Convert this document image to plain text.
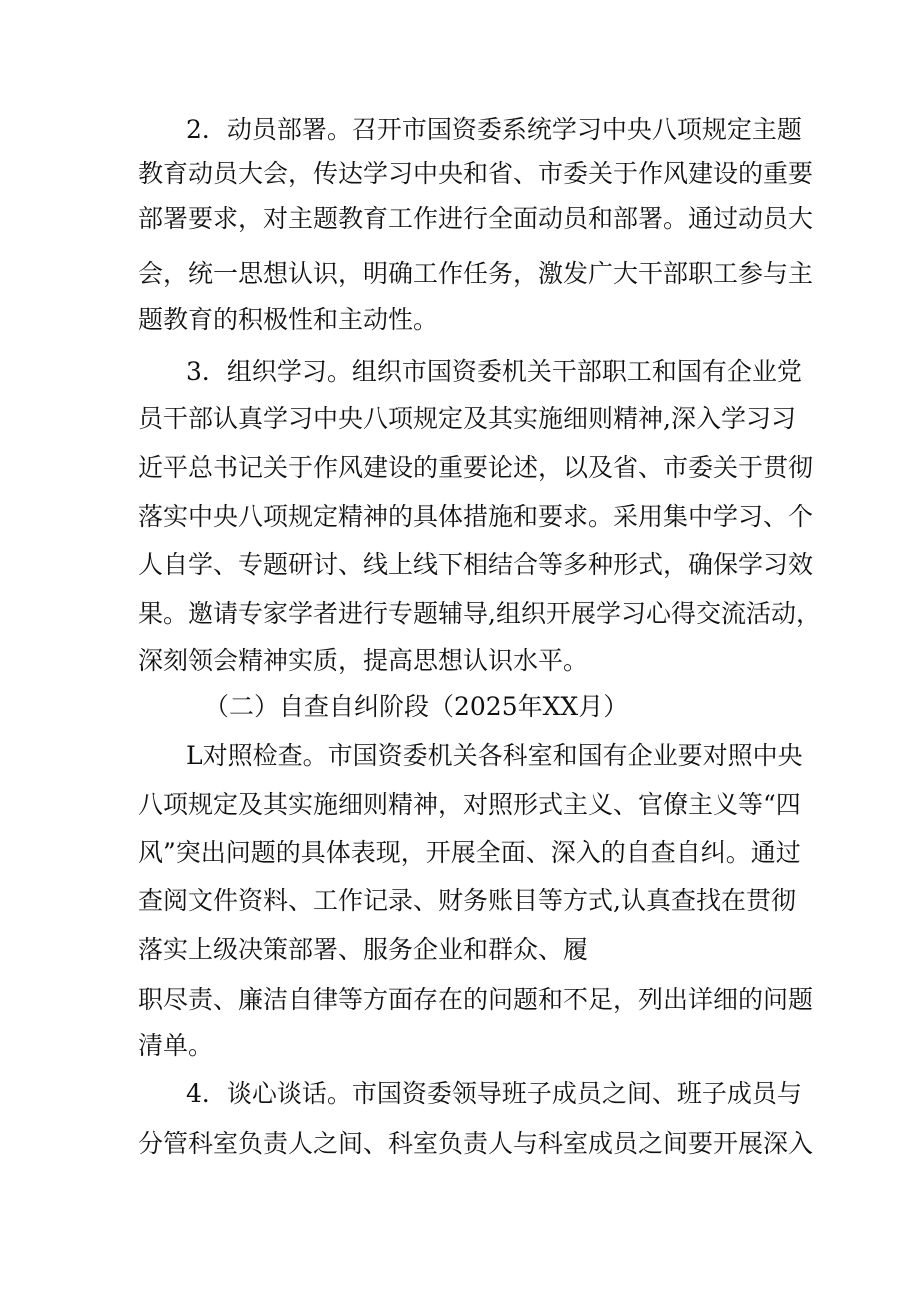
2．动员部署。召开市国资委系统学习中央八项规定主题
教育动员大会，传达学习中央和省、市委关于作风建设的重要
部署要求，对主题教育工作进行全面动员和部署。通过动员大
会，统一思想认识，明确工作任务，激发广大干部职工参与主
题教育的积极性和主动性。
3．组织学习。组织市国资委机关干部职工和国有企业党
员干部认真学习中央八项规定及其实施细则精神,深入学习习
近平总书记关于作风建设的重要论述，以及省、市委关于贯彻
落实中央八项规定精神的具体措施和要求。采用集中学习、个
人自学、专题研讨、线上线下相结合等多种形式，确保学习效
果。邀请专家学者进行专题辅导,组织开展学习心得交流活动，
深刻领会精神实质，提高思想认识水平。
（二）自查自纠阶段（2025年XX月）
L对照检查。市国资委机关各科室和国有企业要对照中央
八项规定及其实施细则精神，对照形式主义、官僚主义等“四
风”突出问题的具体表现，开展全面、深入的自查自纠。通过
查阅文件资料、工作记录、财务账目等方式,认真查找在贯彻
落实上级决策部署、服务企业和群众、履
职尽责、廉洁自律等方面存在的问题和不足，列出详细的问题
清单。
4．谈心谈话。市国资委领导班子成员之间、班子成员与
分管科室负责人之间、科室负责人与科室成员之间要开展深入
